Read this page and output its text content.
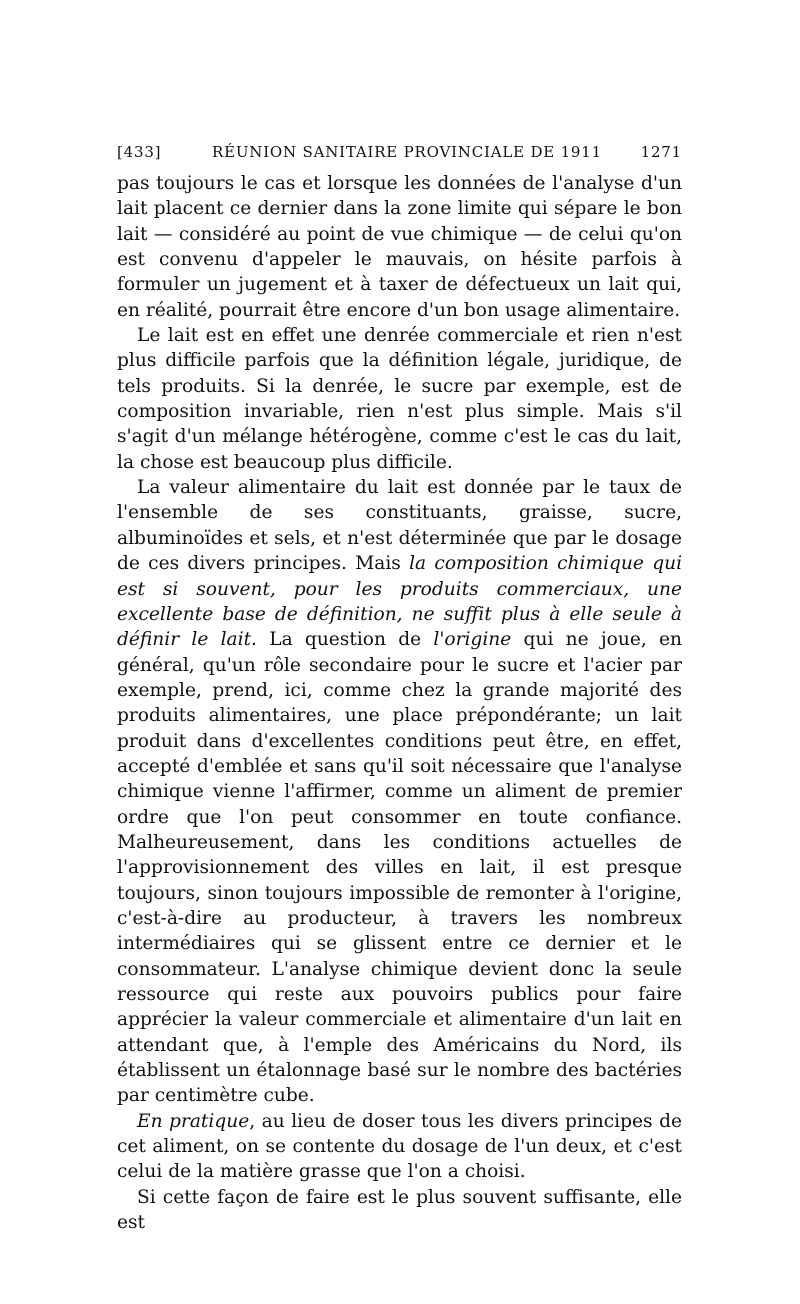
[433]	RÉUNION SANITAIRE PROVINCIALE DE 1911	1271

pas toujours le cas et lorsque les données de l'analyse d'un lait placent ce dernier dans la zone limite qui sépare le bon lait — considéré au point de vue chimique — de celui qu'on est convenu d'appeler le mauvais, on hésite parfois à formuler un jugement et à taxer de défectueux un lait qui, en réalité, pourrait être encore d'un bon usage alimentaire.

Le lait est en effet une denrée commerciale et rien n'est plus difficile parfois que la définition légale, juridique, de tels produits. Si la denrée, le sucre par exemple, est de composition invariable, rien n'est plus simple. Mais s'il s'agit d'un mélange hétérogène, comme c'est le cas du lait, la chose est beaucoup plus difficile.

La valeur alimentaire du lait est donnée par le taux de l'ensemble de ses constituants, graisse, sucre, albuminoïdes et sels, et n'est déterminée que par le dosage de ces divers principes. Mais la composition chimique qui est si souvent, pour les produits commerciaux, une excellente base de définition, ne suffit plus à elle seule à définir le lait. La question de l'origine qui ne joue, en général, qu'un rôle secondaire pour le sucre et l'acier par exemple, prend, ici, comme chez la grande majorité des produits alimentaires, une place prépondérante; un lait produit dans d'excellentes conditions peut être, en effet, accepté d'emblée et sans qu'il soit nécessaire que l'analyse chimique vienne l'affirmer, comme un aliment de premier ordre que l'on peut consommer en toute confiance. Malheureusement, dans les conditions actuelles de l'approvisionnement des villes en lait, il est presque toujours, sinon toujours impossible de remonter à l'origine, c'est-à-dire au producteur, à travers les nombreux intermédiaires qui se glissent entre ce dernier et le consommateur. L'analyse chimique devient donc la seule ressource qui reste aux pouvoirs publics pour faire apprécier la valeur commerciale et alimentaire d'un lait en attendant que, à l'emple des Américains du Nord, ils établissent un étalonnage basé sur le nombre des bactéries par centimètre cube.

En pratique, au lieu de doser tous les divers principes de cet aliment, on se contente du dosage de l'un deux, et c'est celui de la matière grasse que l'on a choisi.

Si cette façon de faire est le plus souvent suffisante, elle est
